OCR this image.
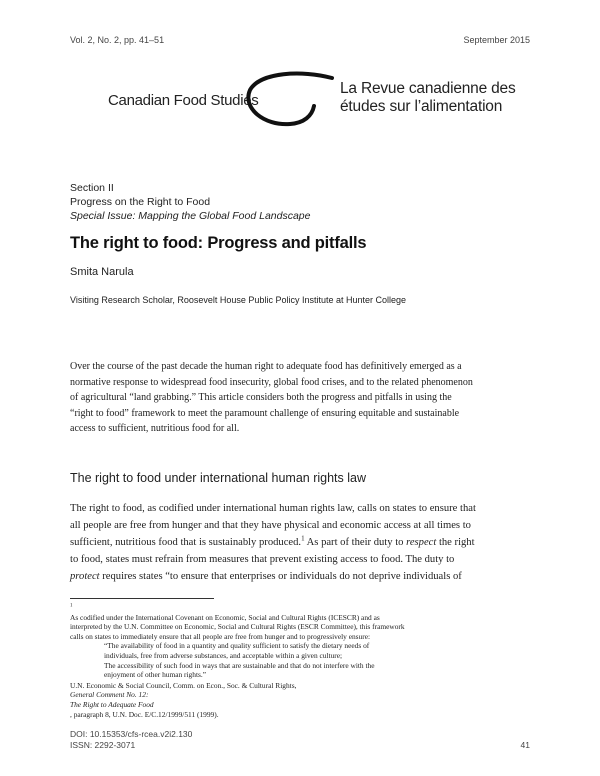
Vol. 2, No. 2, pp. 41–51	September 2015
Canadian Food Studies
La Revue canadienne des
études sur l’alimentation
Section II
Progress on the Right to Food
Special Issue: Mapping the Global Food Landscape
The right to food: Progress and pitfalls
Smita Narula
Visiting Research Scholar, Roosevelt House Public Policy Institute at Hunter College
Over the course of the past decade the human right to adequate food has definitively emerged as a
normative response to widespread food insecurity, global food crises, and to the related phenomenon
of agricultural “land grabbing.” This article considers both the progress and pitfalls in using the
“right to food” framework to meet the paramount challenge of ensuring equitable and sustainable
access to sufficient, nutritious food for all.
The right to food under international human rights law
The right to food, as codified under international human rights law, calls on states to ensure that
all people are free from hunger and that they have physical and economic access at all times to
sufficient, nutritious food that is sustainably produced.$^1$ As part of their duty to respect the right
to food, states must refrain from measures that prevent existing access to food. The duty to
protect requires states “to ensure that enterprises or individuals do not deprive individuals of
$^1$
As codified under the International Covenant on Economic, Social and Cultural Rights (ICESCR) and as
interpreted by the U.N. Committee on Economic, Social and Cultural Rights (ESCR Committee), this framework
calls on states to immediately ensure that all people are free from hunger and to progressively ensure:
“The availability of food in a quantity and quality sufficient to satisfy the dietary needs of
individuals, free from adverse substances, and acceptable within a given culture;
The accessibility of such food in ways that are sustainable and that do not interfere with the
enjoyment of other human rights.”
U.N. Economic & Social Council, Comm. on Econ., Soc. & Cultural Rights,
General Comment No. 12:
The Right to Adequate Food
, paragraph 8, U.N. Doc. E/C.12/1999/511 (1999).
DOI: 10.15353/cfs-rcea.v2i2.130
ISSN: 2292-3071	41
